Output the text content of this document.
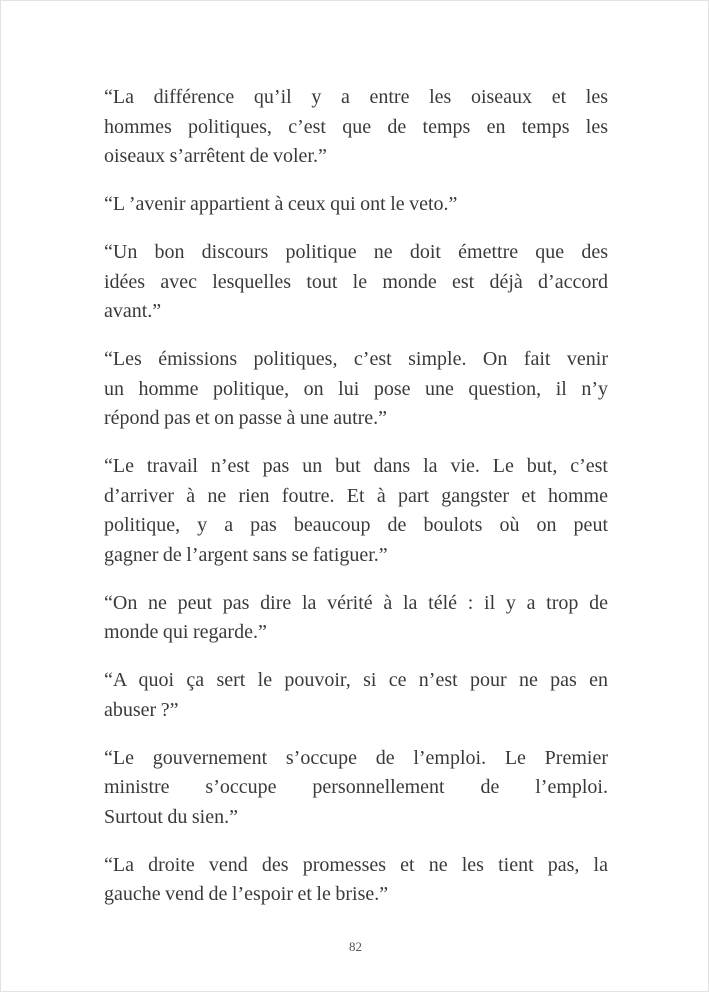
“La différence qu’il y a entre les oiseaux et les
hommes politiques, c’est que de temps en temps les
oiseaux s’arrêtent de voler.”

“L ’avenir appartient à ceux qui ont le veto.”

“Un bon discours politique ne doit émettre que des
idées avec lesquelles tout le monde est déjà d’accord
avant.”

“Les émissions politiques, c’est simple. On fait venir
un homme politique, on lui pose une question, il n’y
répond pas et on passe à une autre.”

“Le travail n’est pas un but dans la vie. Le but, c’est
d’arriver à ne rien foutre. Et à part gangster et homme
politique, y a pas beaucoup de boulots où on peut
gagner de l’argent sans se fatiguer.”

“On ne peut pas dire la vérité à la télé : il y a trop de
monde qui regarde.”

“A quoi ça sert le pouvoir, si ce n’est pour ne pas en
abuser ?”

“Le gouvernement s’occupe de l’emploi. Le Premier
ministre s’occupe personnellement de l’emploi.
Surtout du sien.”

“La droite vend des promesses et ne les tient pas, la
gauche vend de l’espoir et le brise.”

82
